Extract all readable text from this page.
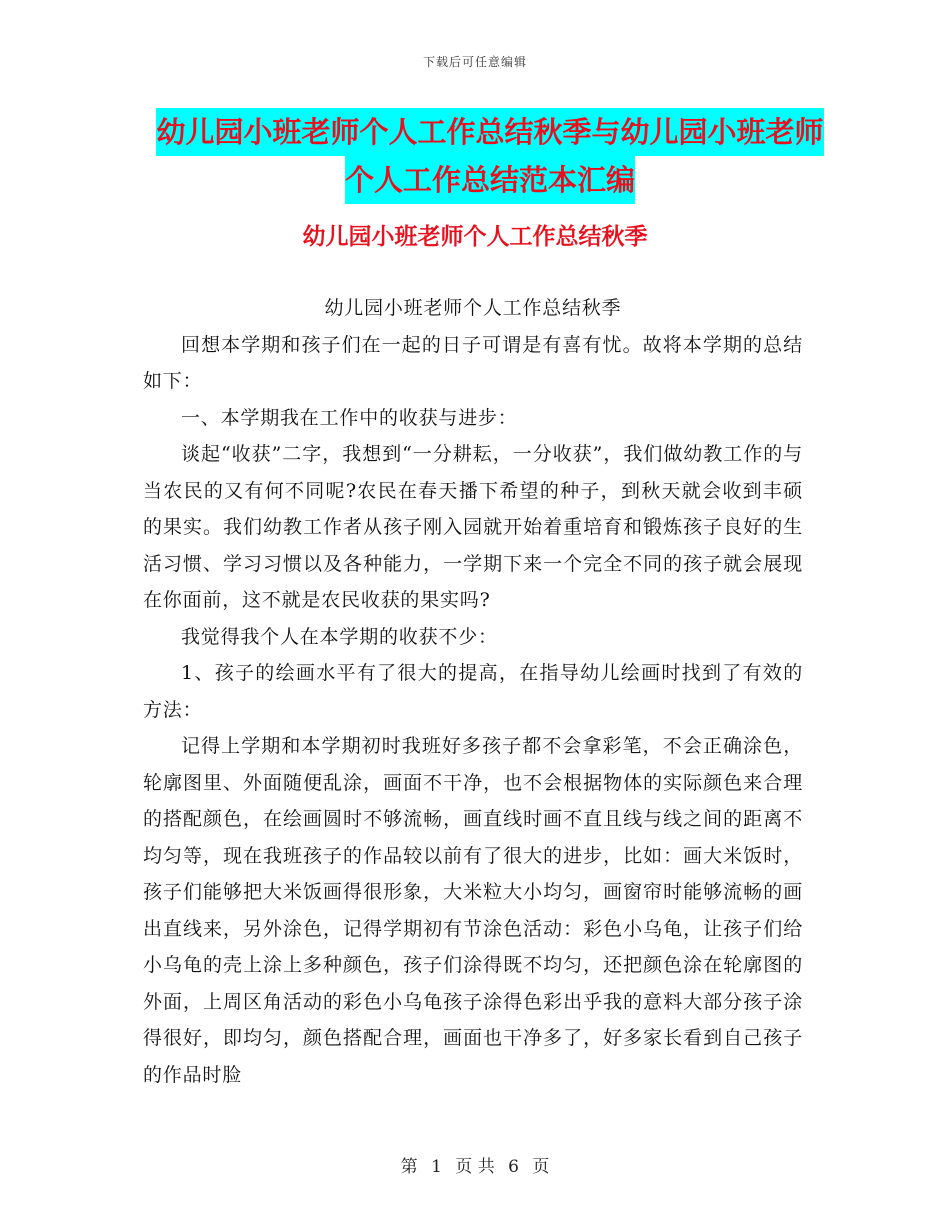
下载后可任意编辑
幼儿园小班老师个人工作总结秋季与幼儿园小班老师
个人工作总结范本汇编
幼儿园小班老师个人工作总结秋季

幼儿园小班老师个人工作总结秋季

回想本学期和孩子们在一起的日子可谓是有喜有忧。故将本学期的总结如下：

一、本学期我在工作中的收获与进步：

谈起“收获”二字，我想到“一分耕耘，一分收获”，我们做幼教工作的与当农民的又有何不同呢?农民在春天播下希望的种子，到秋天就会收到丰硕的果实。我们幼教工作者从孩子刚入园就开始着重培育和锻炼孩子良好的生活习惯、学习习惯以及各种能力，一学期下来一个完全不同的孩子就会展现在你面前，这不就是农民收获的果实吗?

我觉得我个人在本学期的收获不少：

1、孩子的绘画水平有了很大的提高，在指导幼儿绘画时找到了有效的方法：

记得上学期和本学期初时我班好多孩子都不会拿彩笔，不会正确涂色，轮廓图里、外面随便乱涂，画面不干净，也不会根据物体的实际颜色来合理的搭配颜色，在绘画圆时不够流畅，画直线时画不直且线与线之间的距离不均匀等，现在我班孩子的作品较以前有了很大的进步，比如：画大米饭时，孩子们能够把大米饭画得很形象，大米粒大小均匀，画窗帘时能够流畅的画出直线来，另外涂色，记得学期初有节涂色活动：彩色小乌龟，让孩子们给小乌龟的壳上涂上多种颜色，孩子们涂得既不均匀，还把颜色涂在轮廓图的外面，上周区角活动的彩色小乌龟孩子涂得色彩出乎我的意料大部分孩子涂得很好，即均匀，颜色搭配合理，画面也干净多了，好多家长看到自己孩子的作品时脸

第 1 页 共 6 页
